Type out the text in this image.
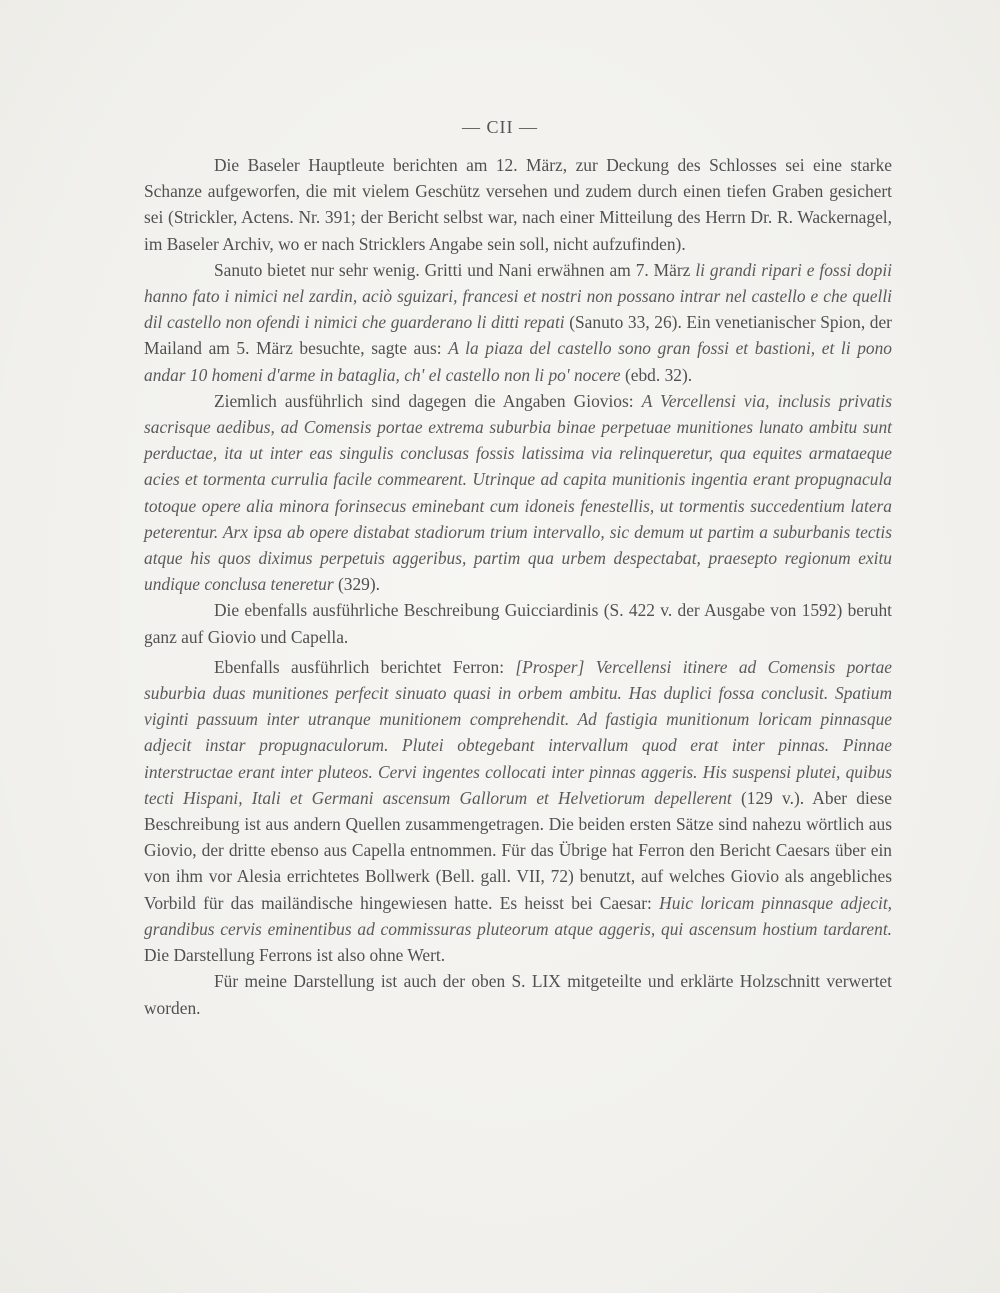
— CII —

Die Baseler Hauptleute berichten am 12. März, zur Deckung des Schlosses sei eine starke Schanze aufgeworfen, die mit vielem Geschütz versehen und zudem durch einen tiefen Graben gesichert sei (Strickler, Actens. Nr. 391; der Bericht selbst war, nach einer Mitteilung des Herrn Dr. R. Wackernagel, im Baseler Archiv, wo er nach Stricklers Angabe sein soll, nicht aufzufinden).

Sanuto bietet nur sehr wenig. Gritti und Nani erwähnen am 7. März li grandi ripari e fossi dopii hanno fato i nimici nel zardin, aciò sguizari, francesi et nostri non possano intrar nel castello e che quelli dil castello non ofendi i nimici che guarderano li ditti repati (Sanuto 33, 26). Ein venetianischer Spion, der Mailand am 5. März besuchte, sagte aus: A la piaza del castello sono gran fossi et bastioni, et li pono andar 10 homeni d'arme in bataglia, ch' el castello non li po' nocere (ebd. 32).

Ziemlich ausführlich sind dagegen die Angaben Giovios: A Vercellensi via, inclusis privatis sacrisque aedibus, ad Comensis portae extrema suburbia binae perpetuae munitiones lunato ambitu sunt perductae, ita ut inter eas singulis conclusas fossis latissima via relinqueretur, qua equites armataeque acies et tormenta currulia facile commearent. Utrinque ad capita munitionis ingentia erant propugnacula totoque opere alia minora forinsecus eminebant cum idoneis fenestellis, ut tormentis succedentium latera peterentur. Arx ipsa ab opere distabat stadiorum trium intervallo, sic demum ut partim a suburbanis tectis atque his quos diximus perpetuis aggeribus, partim qua urbem despectabat, praesepto regionum exitu undique conclusa teneretur (329).

Die ebenfalls ausführliche Beschreibung Guicciardinis (S. 422 v. der Ausgabe von 1592) beruht ganz auf Giovio und Capella.

Ebenfalls ausführlich berichtet Ferron: [Prosper] Vercellensi itinere ad Comensis portae suburbia duas munitiones perfecit sinuato quasi in orbem ambitu. Has duplici fossa conclusit. Spatium viginti passuum inter utranque munitionem comprehendit. Ad fastigia munitionum loricam pinnasque adjecit instar propugnaculorum. Plutei obtegebant intervallum quod erat inter pinnas. Pinnae interstructae erant inter pluteos. Cervi ingentes collocati inter pinnas aggeris. His suspensi plutei, quibus tecti Hispani, Itali et Germani ascensum Gallorum et Helvetiorum depellerent (129 v.). Aber diese Beschreibung ist aus andern Quellen zusammengetragen. Die beiden ersten Sätze sind nahezu wörtlich aus Giovio, der dritte ebenso aus Capella entnommen. Für das Übrige hat Ferron den Bericht Caesars über ein von ihm vor Alesia errichtetes Bollwerk (Bell. gall. VII, 72) benutzt, auf welches Giovio als angebliches Vorbild für das mailändische hingewiesen hatte. Es heisst bei Caesar: Huic loricam pinnasque adjecit, grandibus cervis eminentibus ad commissuras pluteorum atque aggeris, qui ascensum hostium tardarent. Die Darstellung Ferrons ist also ohne Wert.

Für meine Darstellung ist auch der oben S. LIX mitgeteilte und erklärte Holzschnitt verwertet worden.
